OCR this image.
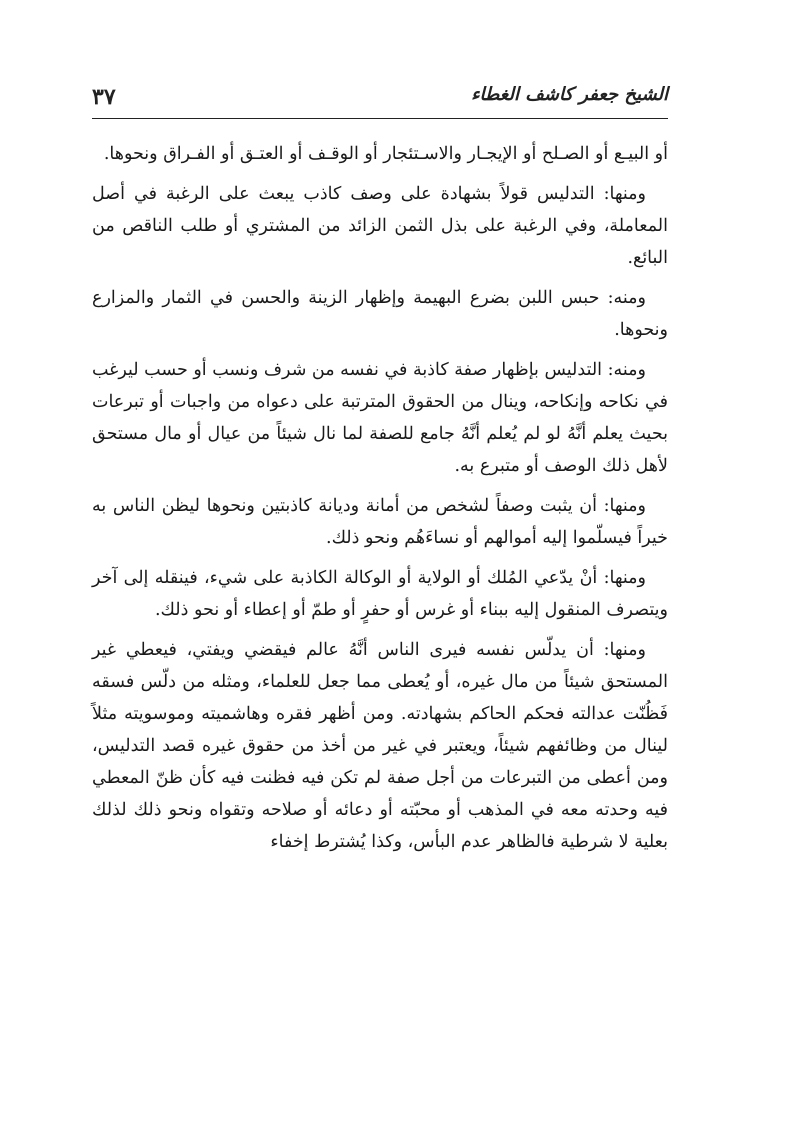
الشيخ جعفر كاشف الغطاء
٣٧

أو البيـع أو الصـلح أو الإيجـار والاسـتئجار أو الوقـف أو العتـق أو الفـراق ونحوها.

ومنها: التدليس قولاً بشهادة على وصف كاذب يبعث على الرغبة في أصل المعاملة، وفي الرغبة على بذل الثمن الزائد من المشتري أو طلب الناقص من البائع.

ومنه: حبس اللبن بضرع البهيمة وإظهار الزينة والحسن في الثمار والمزارع ونحوها.

ومنه: التدليس بإظهار صفة كاذبة في نفسه من شرف ونسب أو حسب ليرغب في نكاحه وإنكاحه، وينال من الحقوق المترتبة على دعواه من واجبات أو تبرعات بحيث يعلم أنَّهُ لو لم يُعلم أنَّهُ جامع للصفة لما نال شيئاً من عيال أو مال مستحق لأهل ذلك الوصف أو متبرع به.

ومنها: أن يثبت وصفاً لشخص من أمانة وديانة كاذبتين ونحوها ليظن الناس به خيراً فيسلّموا إليه أموالهم أو نساءَهُم ونحو ذلك.

ومنها: أنْ يدّعي المُلك أو الولاية أو الوكالة الكاذبة على شيء، فينقله إلى آخر ويتصرف المنقول إليه ببناء أو غرس أو حفرٍ أو طمّ أو إعطاء أو نحو ذلك.

ومنها: أن يدلّس نفسه فيرى الناس أنَّهُ عالم فيقضي ويفتي، فيعطي غير المستحق شيئاً من مال غيره، أو يُعطى مما جعل للعلماء، ومثله من دلّس فسقه فَظُنّت عدالته فحكم الحاكم بشهادته. ومن أظهر فقره وهاشميته وموسويته مثلاً لينال من وظائفهم شيئاً، ويعتبر في غير من أخذ من حقوق غيره قصد التدليس، ومن أعطى من التبرعات من أجل صفة لم تكن فيه فظنت فيه كأن ظنّ المعطي فيه وحدته معه في المذهب أو محبّته أو دعائه أو صلاحه وتقواه ونحو ذلك لذلك بعلية لا شرطية فالظاهر عدم البأس، وكذا يُشترط إخفاء
